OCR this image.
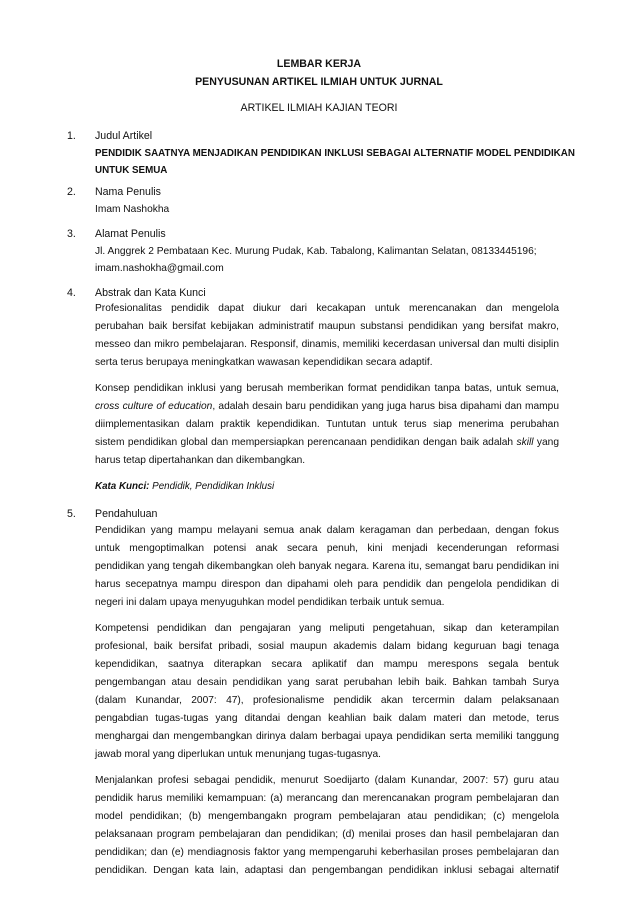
LEMBAR KERJA
PENYUSUNAN ARTIKEL ILMIAH UNTUK JURNAL
ARTIKEL ILMIAH KAJIAN TEORI
1. Judul Artikel
PENDIDIK SAATNYA MENJADIKAN PENDIDIKAN INKLUSI SEBAGAI ALTERNATIF MODEL PENDIDIKAN
UNTUK SEMUA
2. Nama Penulis
Imam Nashokha
3. Alamat Penulis
Jl. Anggrek 2 Pembataan Kec. Murung Pudak, Kab. Tabalong, Kalimantan Selatan, 08133445196;
imam.nashokha@gmail.com
4. Abstrak dan Kata Kunci
Profesionalitas pendidik dapat diukur dari kecakapan untuk merencanakan dan mengelola
perubahan baik bersifat kebijakan administratif maupun substansi pendidikan yang bersifat makro,
messeo dan mikro pembelajaran. Responsif, dinamis, memiliki kecerdasan universal dan multi disiplin
serta terus berupaya meningkatkan wawasan kependidikan secara adaptif.
Konsep pendidikan inklusi yang berusah memberikan format pendidikan tanpa batas, untuk semua,
cross culture of education, adalah desain baru pendidikan yang juga harus bisa dipahami dan mampu
diimplementasikan dalam praktik kependidikan. Tuntutan untuk terus siap menerima perubahan
sistem pendidikan global dan mempersiapkan perencanaan pendidikan dengan baik adalah skill yang
harus tetap dipertahankan dan dikembangkan.
Kata Kunci: Pendidik, Pendidikan Inklusi
5. Pendahuluan
Pendidikan yang mampu melayani semua anak dalam keragaman dan perbedaan, dengan fokus
untuk mengoptimalkan potensi anak secara penuh, kini menjadi kecenderungan reformasi
pendidikan yang tengah dikembangkan oleh banyak negara. Karena itu, semangat baru pendidikan ini
harus secepatnya mampu direspon dan dipahami oleh para pendidik dan pengelola pendidikan di
negeri ini dalam upaya menyuguhkan model pendidikan terbaik untuk semua.
Kompetensi pendidikan dan pengajaran yang meliputi pengetahuan, sikap dan keterampilan
profesional, baik bersifat pribadi, sosial maupun akademis dalam bidang keguruan bagi tenaga
kependidikan, saatnya diterapkan secara aplikatif dan mampu merespons segala bentuk
pengembangan atau desain pendidikan yang sarat perubahan lebih baik. Bahkan tambah Surya
(dalam Kunandar, 2007: 47), profesionalisme pendidik akan tercermin dalam pelaksanaan
pengabdian tugas-tugas yang ditandai dengan keahlian baik dalam materi dan metode, terus
menghargai dan mengembangkan dirinya dalam berbagai upaya pendidikan serta memiliki tanggung
jawab moral yang diperlukan untuk menunjang tugas-tugasnya.
Menjalankan profesi sebagai pendidik, menurut Soedijarto (dalam Kunandar, 2007: 57) guru atau
pendidik harus memiliki kemampuan: (a) merancang dan merencanakan program pembelajaran dan
model pendidikan; (b) mengembangakn program pembelajaran atau pendidikan; (c) mengelola
pelaksanaan program pembelajaran dan pendidikan; (d) menilai proses dan hasil pembelajaran dan
pendidikan; dan (e) mendiagnosis faktor yang mempengaruhi keberhasilan proses pembelajaran dan
pendidikan. Dengan kata lain, adaptasi dan pengembangan pendidikan inklusi sebagai alternatif
